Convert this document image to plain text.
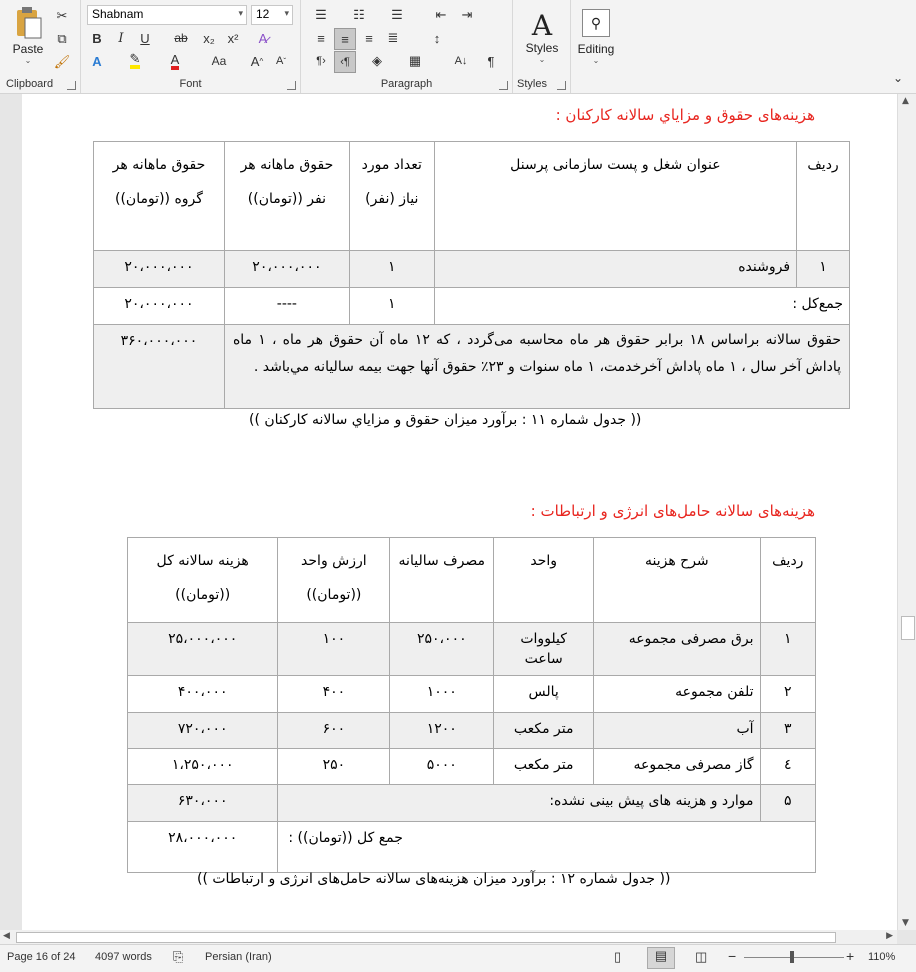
Paste
⌄
✂
⧉
🖌
Clipboard
Shabnam	▾	12 ▾
B	I	U	ab	x₂ x²	A̷
A	✎ A	Aa	A ^	A ˇ
Font
☰	☷	☰	⇤	⇥
≡	≡	≡	≣	↕
¶›	‹¶	◈	▦	A↓	¶
Paragraph
A
Styles
⌄
Styles
⚲
Editing
⌄
⌄
هزینه‌های حقوق و مزاياي سالانه کارکنان :
ردیف	عنوان شغل و پست سازمانی پرسنل	تعداد مورد نیاز (نفر)	حقوق ماهانه هر نفر ((تومان))	حقوق ماهانه هر گروه ((تومان))
۱	فروشنده	۱	۲۰،۰۰۰،۰۰۰	۲۰،۰۰۰،۰۰۰
جمع‌کل :		۱	----	۲۰،۰۰۰،۰۰۰
حقوق سالانه براساس ۱۸ برابر حقوق هر ماه محاسبه می‌گردد ، که ۱۲ ماه آن حقوق هر ماه ، ۱ ماه پاداش آخر سال ، ۱ ماه پاداش آخرخدمت، ۱ ماه سنوات و ۲۳٪ حقوق آنها جهت بیمه سالیانه مي‌باشد .				۳۶۰،۰۰۰،۰۰۰
(( جدول شماره ۱۱ : برآورد میزان حقوق و مزاياي سالانه کارکنان ))
هزینه‌های سالانه حامل‌های انرژی و ارتباطات :
ردیف	شرح هزینه	واحد	مصرف سالیانه	ارزش واحد ((تومان))	هزینه سالانه کل ((تومان))
۱	برق مصرفی مجموعه	کیلووات ساعت	۲۵۰،۰۰۰	۱۰۰	۲۵،۰۰۰،۰۰۰
۲	تلفن مجموعه	پالس	۱۰۰۰	۴۰۰	۴۰۰،۰۰۰
۳	آب	متر مکعب	۱۲۰۰	۶۰۰	۷۲۰،۰۰۰
٤	گاز مصرفی مجموعه	متر مکعب	۵۰۰۰	۲۵۰	۱،۲۵۰،۰۰۰
۵	موارد و هزینه های پیش بینی نشده:				۶۳۰،۰۰۰
جمع کل ((تومان)) :					۲۸،۰۰۰،۰۰۰
(( جدول شماره ۱۲ : برآورد میزان هزینه‌های سالانه حامل‌های انرژی و ارتباطات ))
▲
▼
◀	▶
Page 16 of 24 4097 words ⎘ Persian (Iran)	▯	▤	◫ −	+ 110%
